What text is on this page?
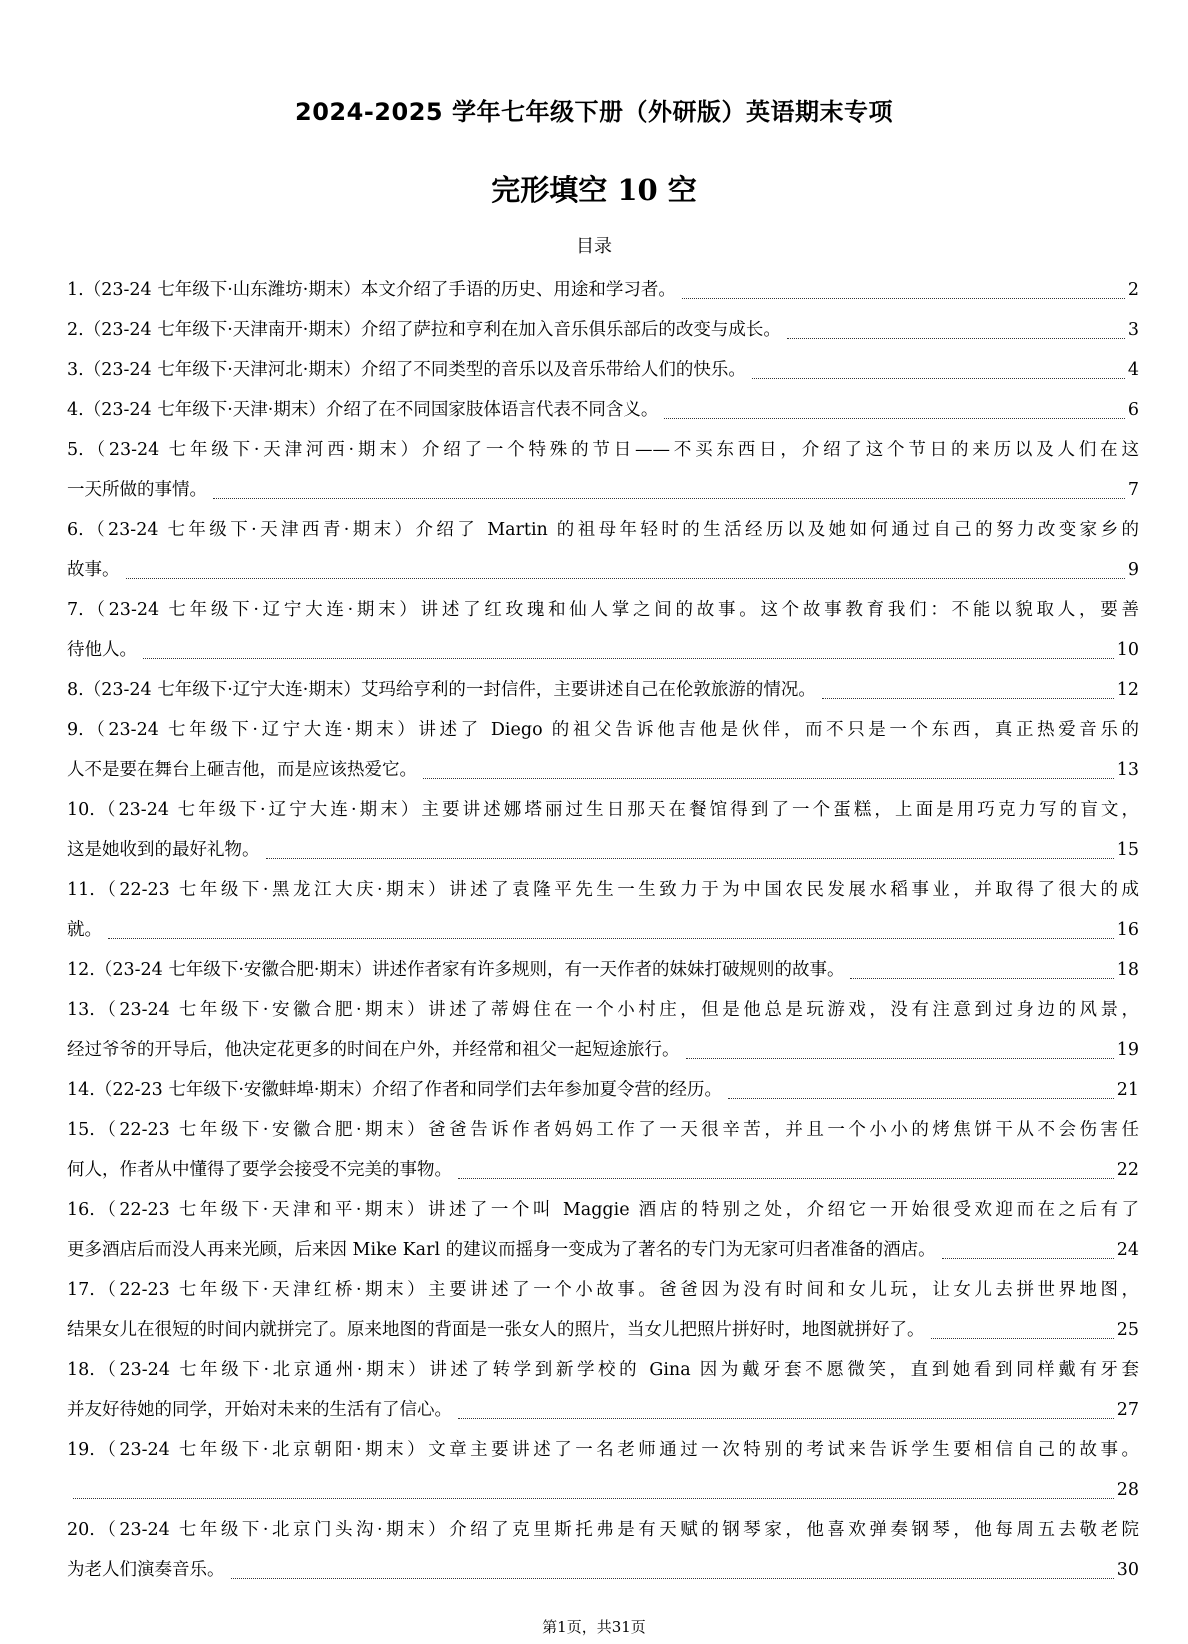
2024-2025 学年七年级下册（外研版）英语期末专项
完形填空 10 空
目录
1.（23-24 七年级下·山东潍坊·期末）本文介绍了手语的历史、用途和学习者。	2
2.（23-24 七年级下·天津南开·期末）介绍了萨拉和亨利在加入音乐俱乐部后的改变与成长。	3
3.（23-24 七年级下·天津河北·期末）介绍了不同类型的音乐以及音乐带给人们的快乐。	4
4.（23-24 七年级下·天津·期末）介绍了在不同国家肢体语言代表不同含义。	6
5.（23-24 七年级下·天津河西·期末）介绍了一个特殊的节日——不买东西日，介绍了这个节日的来历以及人们在这
一天所做的事情。	7
6.（23-24 七年级下·天津西青·期末）介绍了 Martin 的祖母年轻时的生活经历以及她如何通过自己的努力改变家乡的
故事。	9
7.（23-24 七年级下·辽宁大连·期末）讲述了红玫瑰和仙人掌之间的故事。这个故事教育我们：不能以貌取人，要善
待他人。	10
8.（23-24 七年级下·辽宁大连·期末）艾玛给亨利的一封信件，主要讲述自己在伦敦旅游的情况。	12
9.（23-24 七年级下·辽宁大连·期末）讲述了 Diego 的祖父告诉他吉他是伙伴，而不只是一个东西，真正热爱音乐的
人不是要在舞台上砸吉他，而是应该热爱它。	13
10.（23-24 七年级下·辽宁大连·期末）主要讲述娜塔丽过生日那天在餐馆得到了一个蛋糕，上面是用巧克力写的盲文，
这是她收到的最好礼物。	15
11.（22-23 七年级下·黑龙江大庆·期末）讲述了袁隆平先生一生致力于为中国农民发展水稻事业，并取得了很大的成
就。	16
12.（23-24 七年级下·安徽合肥·期末）讲述作者家有许多规则，有一天作者的妹妹打破规则的故事。	18
13.（23-24 七年级下·安徽合肥·期末）讲述了蒂姆住在一个小村庄，但是他总是玩游戏，没有注意到过身边的风景，
经过爷爷的开导后，他决定花更多的时间在户外，并经常和祖父一起短途旅行。	19
14.（22-23 七年级下·安徽蚌埠·期末）介绍了作者和同学们去年参加夏令营的经历。	21
15.（22-23 七年级下·安徽合肥·期末）爸爸告诉作者妈妈工作了一天很辛苦，并且一个小小的烤焦饼干从不会伤害任
何人，作者从中懂得了要学会接受不完美的事物。	22
16.（22-23 七年级下·天津和平·期末）讲述了一个叫 Maggie 酒店的特别之处，介绍它一开始很受欢迎而在之后有了
更多酒店后而没人再来光顾，后来因 Mike Karl 的建议而摇身一变成为了著名的专门为无家可归者准备的酒店。	24
17.（22-23 七年级下·天津红桥·期末）主要讲述了一个小故事。爸爸因为没有时间和女儿玩，让女儿去拼世界地图，
结果女儿在很短的时间内就拼完了。原来地图的背面是一张女人的照片，当女儿把照片拼好时，地图就拼好了。	25
18.（23-24 七年级下·北京通州·期末）讲述了转学到新学校的 Gina 因为戴牙套不愿微笑，直到她看到同样戴有牙套
并友好待她的同学，开始对未来的生活有了信心。	27
19.（23-24 七年级下·北京朝阳·期末）文章主要讲述了一名老师通过一次特别的考试来告诉学生要相信自己的故事。
28
20.（23-24 七年级下·北京门头沟·期末）介绍了克里斯托弗是有天赋的钢琴家，他喜欢弹奏钢琴，他每周五去敬老院
为老人们演奏音乐。	30
第1页，共31页
